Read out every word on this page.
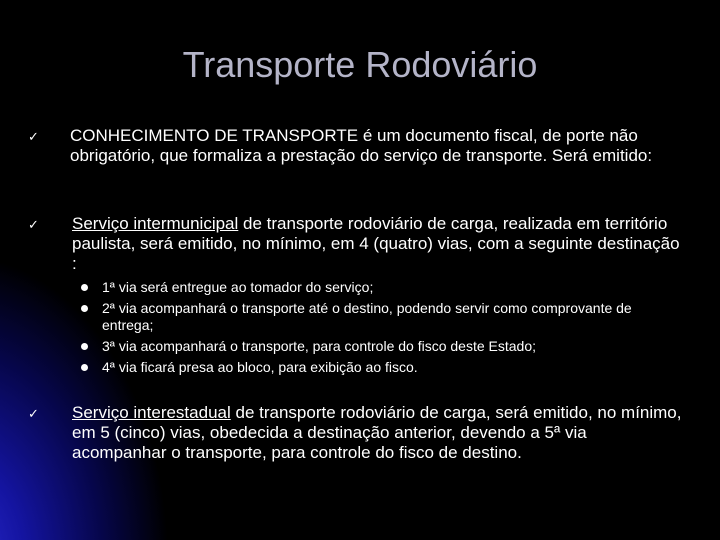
Transporte Rodoviário
✓ CONHECIMENTO DE TRANSPORTE é um documento fiscal, de porte não obrigatório, que formaliza a prestação do serviço de transporte. Será emitido:
✓ Serviço intermunicipal de transporte rodoviário de carga, realizada em território paulista, será emitido, no mínimo, em 4 (quatro) vias, com a seguinte destinação :
1ª via será entregue ao tomador do serviço;
2ª via acompanhará o transporte até o destino, podendo servir como comprovante de entrega;
3ª via acompanhará o transporte, para controle do fisco deste Estado;
4ª via ficará presa ao bloco, para exibição ao fisco.
✓ Serviço interestadual de transporte rodoviário de carga, será emitido, no mínimo, em 5 (cinco) vias, obedecida a destinação anterior, devendo a 5ª via acompanhar o transporte, para controle do fisco de destino.
